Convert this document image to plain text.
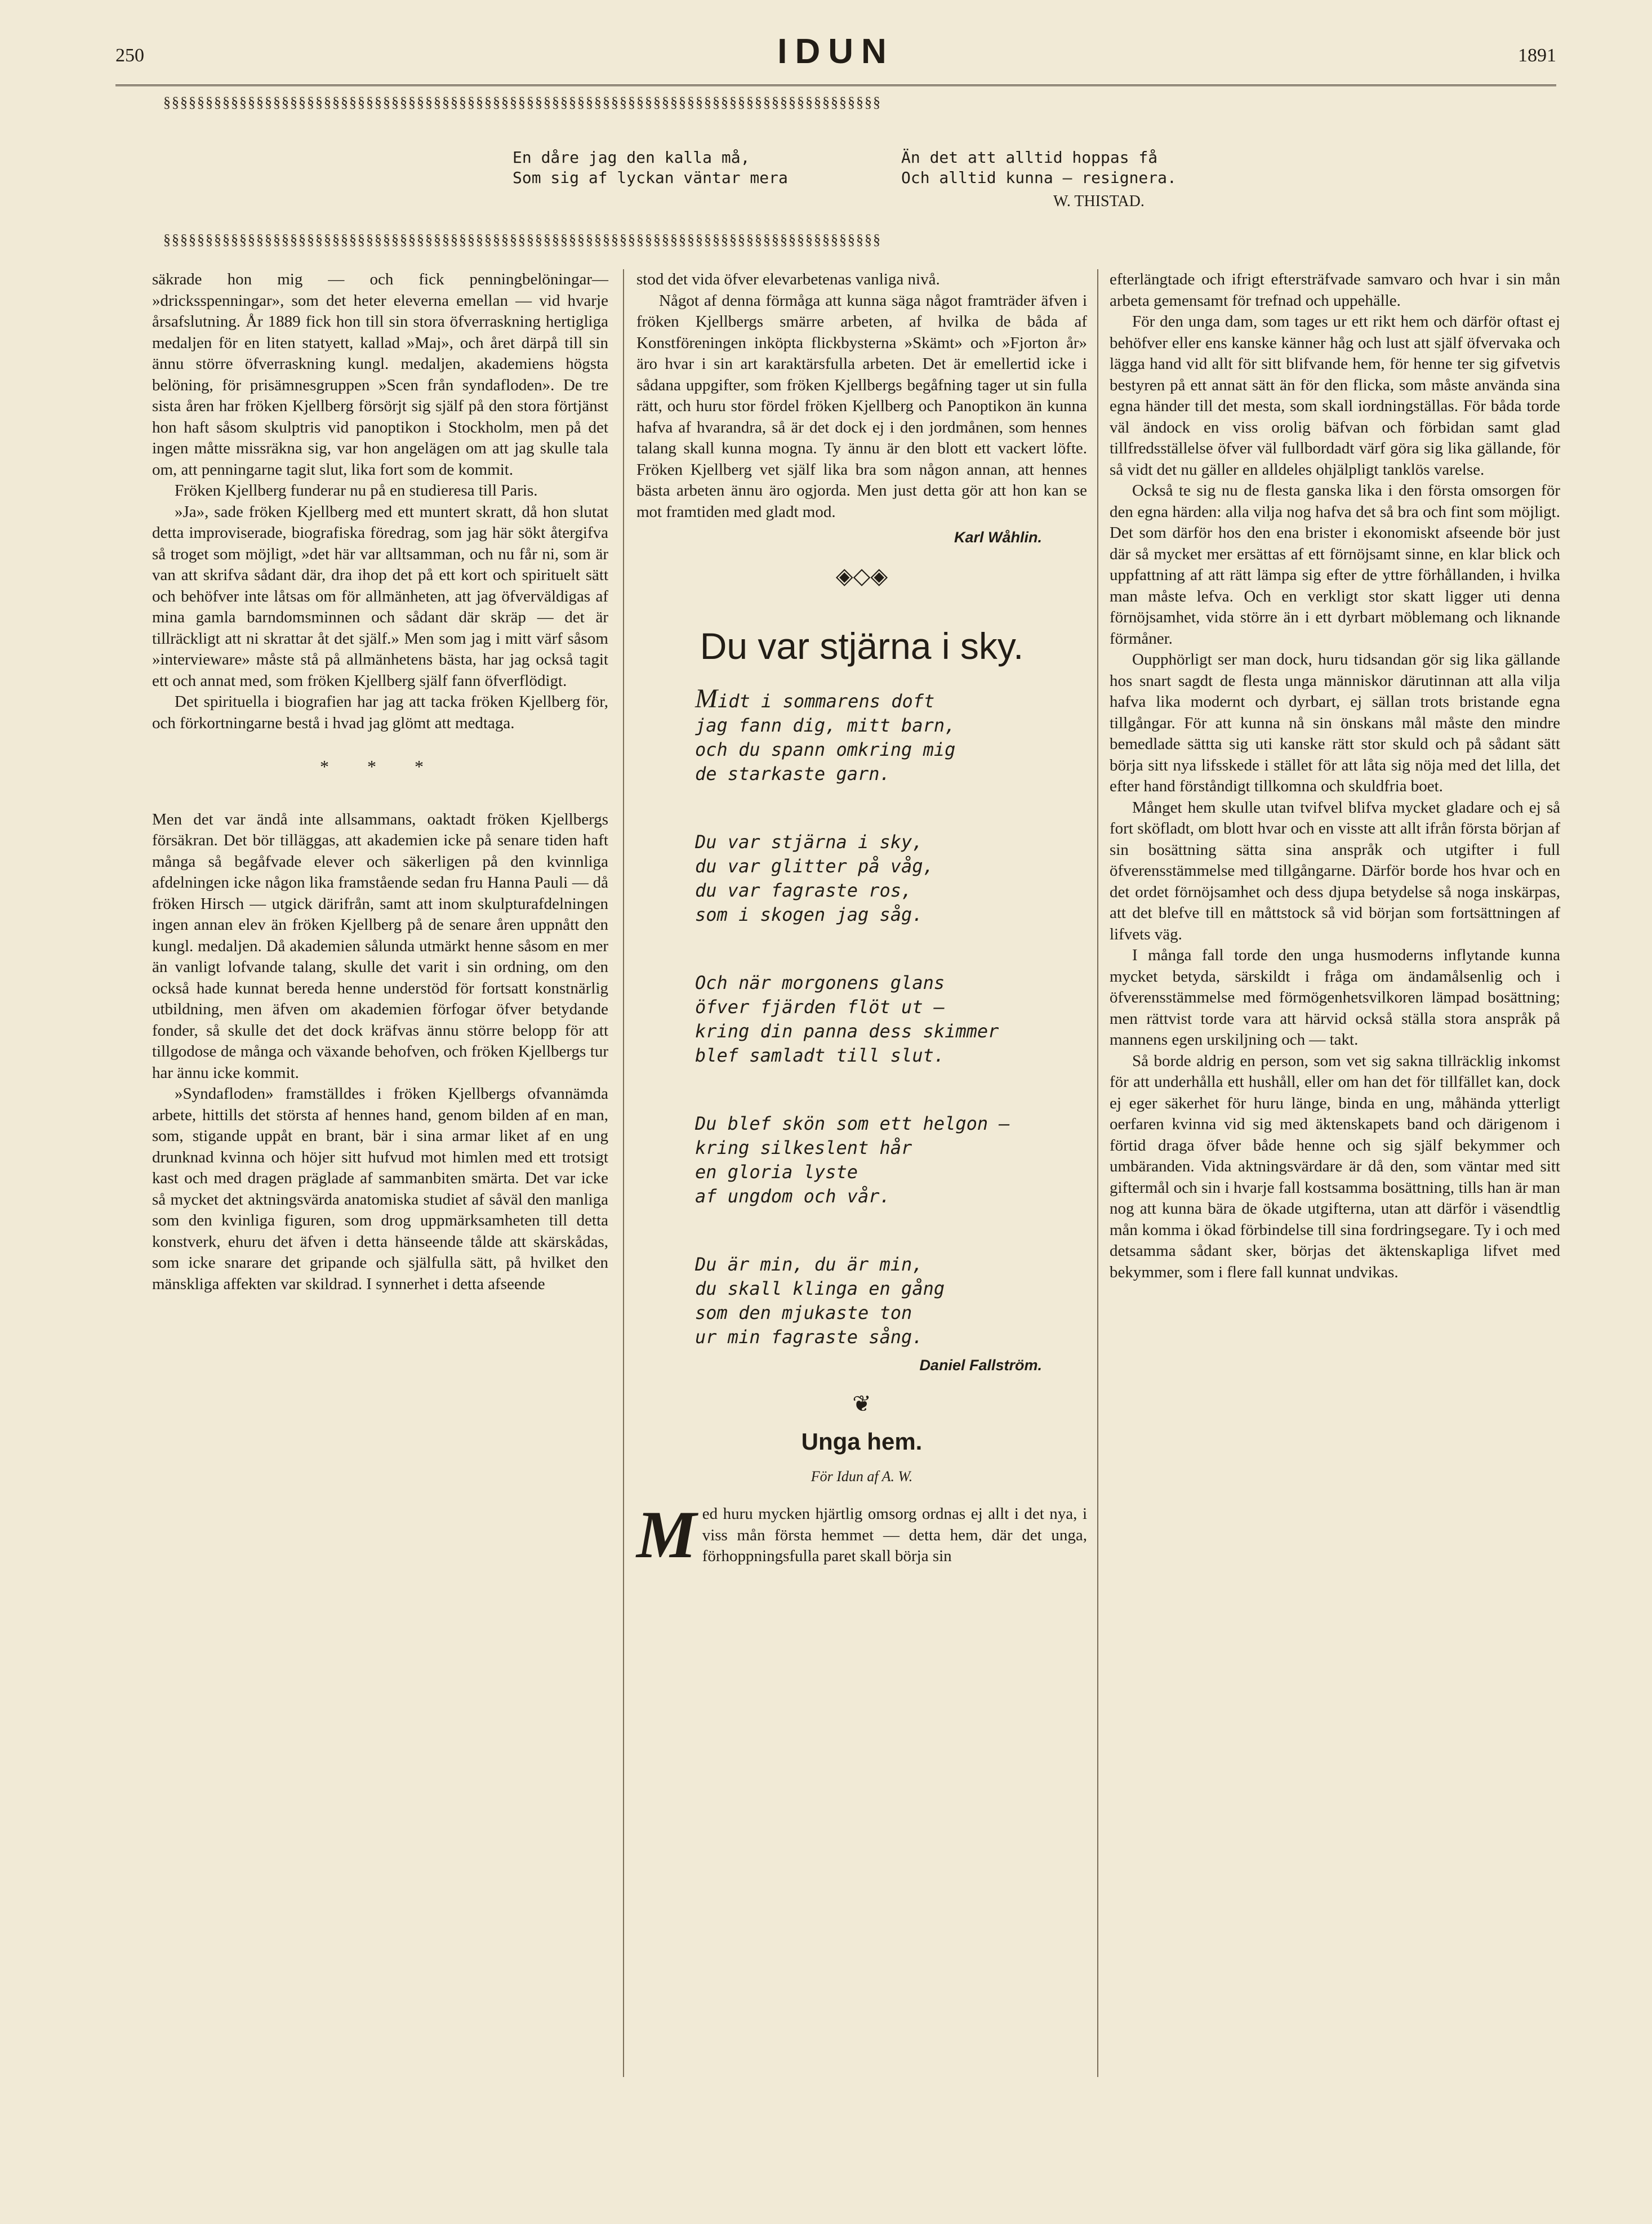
250	IDUN	1891
§§§§§§§§§§§§§§§§§§§§§§§§§§§§§§§§§§§§§§§§§§§§§§§§§§§§§§§§§§§§§§§§§§§§§§§§§§§§§§§§§§§§§
En dåre jag den kalla må,
Som sig af lyckan väntar mera
Än det att alltid hoppas få
Och alltid kunna — resignera.
W. THISTAD.
§§§§§§§§§§§§§§§§§§§§§§§§§§§§§§§§§§§§§§§§§§§§§§§§§§§§§§§§§§§§§§§§§§§§§§§§§§§§§§§§§§§§§

säkrade hon mig — och fick penningbelöningar— »dricksspenningar», som det heter eleverna emellan — vid hvarje årsafslutning. År 1889 fick hon till sin stora öfverraskning hertigliga medaljen för en liten statyett, kallad »Maj», och året därpå till sin ännu större öfverraskning kungl. medaljen, akademiens högsta belöning, för prisämnesgruppen »Scen från syndafloden». De tre sista åren har fröken Kjellberg försörjt sig själf på den stora förtjänst hon haft såsom skulptris vid panoptikon i Stockholm, men på det ingen måtte missräkna sig, var hon angelägen om att jag skulle tala om, att penningarne tagit slut, lika fort som de kommit.

Fröken Kjellberg funderar nu på en studieresa till Paris.

»Ja», sade fröken Kjellberg med ett muntert skratt, då hon slutat detta improviserade, biografiska föredrag, som jag här sökt återgifva så troget som möjligt, »det här var alltsamman, och nu får ni, som är van att skrifva sådant där, dra ihop det på ett kort och spirituelt sätt och behöfver inte låtsas om för allmänheten, att jag öfverväldigas af mina gamla barndomsminnen och sådant där skräp — det är tillräckligt att ni skrattar åt det själf.» Men som jag i mitt värf såsom »intervieware» måste stå på allmänhetens bästa, har jag också tagit ett och annat med, som fröken Kjellberg själf fann öfverflödigt.

Det spirituella i biografien har jag att tacka fröken Kjellberg för, och förkortningarne bestå i hvad jag glömt att medtaga.

* * *

Men det var ändå inte allsammans, oaktadt fröken Kjellbergs försäkran. Det bör tilläggas, att akademien icke på senare tiden haft många så begåfvade elever och säkerligen på den kvinnliga afdelningen icke någon lika framstående sedan fru Hanna Pauli — då fröken Hirsch — utgick därifrån, samt att inom skulpturafdelningen ingen annan elev än fröken Kjellberg på de senare åren uppnått den kungl. medaljen. Då akademien sålunda utmärkt henne såsom en mer än vanligt lofvande talang, skulle det varit i sin ordning, om den också hade kunnat bereda henne understöd för fortsatt konstnärlig utbildning, men äfven om akademien förfogar öfver betydande fonder, så skulle det det dock kräfvas ännu större belopp för att tillgodose de många och växande behofven, och fröken Kjellbergs tur har ännu icke kommit.

»Syndafloden» framställdes i fröken Kjellbergs ofvannämda arbete, hittills det största af hennes hand, genom bilden af en man, som, stigande uppåt en brant, bär i sina armar liket af en ung drunknad kvinna och höjer sitt hufvud mot himlen med ett trotsigt kast och med dragen präglade af sammanbiten smärta. Det var icke så mycket det aktningsvärda anatomiska studiet af såväl den manliga som den kvinliga figuren, som drog uppmärksamheten till detta konstverk, ehuru det äfven i detta hänseende tålde att skärskådas, som icke snarare det gripande och själfulla sätt, på hvilket den mänskliga affekten var skildrad. I synnerhet i detta afseende

stod det vida öfver elevarbetenas vanliga nivå.

Något af denna förmåga att kunna säga något framträder äfven i fröken Kjellbergs smärre arbeten, af hvilka de båda af Konstföreningen inköpta flickbysterna »Skämt» och »Fjorton år» äro hvar i sin art karaktärsfulla arbeten. Det är emellertid icke i sådana uppgifter, som fröken Kjellbergs begåfning tager ut sin fulla rätt, och huru stor fördel fröken Kjellberg och Panoptikon än kunna hafva af hvarandra, så är det dock ej i den jordmånen, som hennes talang skall kunna mogna. Ty ännu är den blott ett vackert löfte. Fröken Kjellberg vet själf lika bra som någon annan, att hennes bästa arbeten ännu äro ogjorda. Men just detta gör att hon kan se mot framtiden med gladt mod.

Karl Wåhlin.

◈◇◈
Du var stjärna i sky.
Midt i sommarens doft
jag fann dig, mitt barn,
och du spann omkring mig
de starkaste garn.
Du var stjärna i sky,
du var glitter på våg,
du var fagraste ros,
som i skogen jag såg.
Och när morgonens glans
öfver fjärden flöt ut —
kring din panna dess skimmer
blef samladt till slut.
Du blef skön som ett helgon —
kring silkeslent hår
en gloria lyste
af ungdom och vår.
Du är min, du är min,
du skall klinga en gång
som den mjukaste ton
ur min fagraste sång.

Daniel Fallström.

❦
Unga hem.
För Idun af A. W.

Med huru mycken hjärtlig omsorg ordnas ej allt i det nya, i viss mån första hemmet — detta hem, där det unga, förhoppningsfulla paret skall börja sin

efterlängtade och ifrigt eftersträfvade samvaro och hvar i sin mån arbeta gemensamt för trefnad och uppehälle.

För den unga dam, som tages ur ett rikt hem och därför oftast ej behöfver eller ens kanske känner håg och lust att själf öfvervaka och lägga hand vid allt för sitt blifvande hem, för henne ter sig gifvetvis bestyren på ett annat sätt än för den flicka, som måste använda sina egna händer till det mesta, som skall iordningställas. För båda torde väl ändock en viss orolig bäfvan och förbidan samt glad tillfredsställelse öfver väl fullbordadt värf göra sig lika gällande, för så vidt det nu gäller en alldeles ohjälpligt tanklös varelse.

Också te sig nu de flesta ganska lika i den första omsorgen för den egna härden: alla vilja nog hafva det så bra och fint som möjligt. Det som därför hos den ena brister i ekonomiskt afseende bör just där så mycket mer ersättas af ett förnöjsamt sinne, en klar blick och uppfattning af att rätt lämpa sig efter de yttre förhållanden, i hvilka man måste lefva. Och en verkligt stor skatt ligger uti denna förnöjsamhet, vida större än i ett dyrbart möblemang och liknande förmåner.

Oupphörligt ser man dock, huru tidsandan gör sig lika gällande hos snart sagdt de flesta unga människor därutinnan att alla vilja hafva lika modernt och dyrbart, ej sällan trots bristande egna tillgångar. För att kunna nå sin önskans mål måste den mindre bemedlade sättta sig uti kanske rätt stor skuld och på sådant sätt börja sitt nya lifsskede i stället för att låta sig nöja med det lilla, det efter hand förståndigt tillkomna och skuldfria boet.

Månget hem skulle utan tvifvel blifva mycket gladare och ej så fort sköfladt, om blott hvar och en visste att allt ifrån första början af sin bosättning sätta sina anspråk och utgifter i full öfverensstämmelse med tillgångarne. Därför borde hos hvar och en det ordet förnöjsamhet och dess djupa betydelse så noga inskärpas, att det blefve till en måttstock så vid början som fortsättningen af lifvets väg.

I många fall torde den unga husmoderns inflytande kunna mycket betyda, särskildt i fråga om ändamålsenlig och i öfverensstämmelse med förmögenhetsvilkoren lämpad bosättning; men rättvist torde vara att härvid också ställa stora anspråk på mannens egen urskiljning och — takt.

Så borde aldrig en person, som vet sig sakna tillräcklig inkomst för att underhålla ett hushåll, eller om han det för tillfället kan, dock ej eger säkerhet för huru länge, binda en ung, måhända ytterligt oerfaren kvinna vid sig med äktenskapets band och därigenom i förtid draga öfver både henne och sig själf bekymmer och umbäranden. Vida aktningsvärdare är då den, som väntar med sitt giftermål och sin i hvarje fall kostsamma bosättning, tills han är man nog att kunna bära de ökade utgifterna, utan att därför i väsendtlig mån komma i ökad förbindelse till sina fordringsegare. Ty i och med detsamma sådant sker, börjas det äktenskapliga lifvet med bekymmer, som i flere fall kunnat undvikas.
